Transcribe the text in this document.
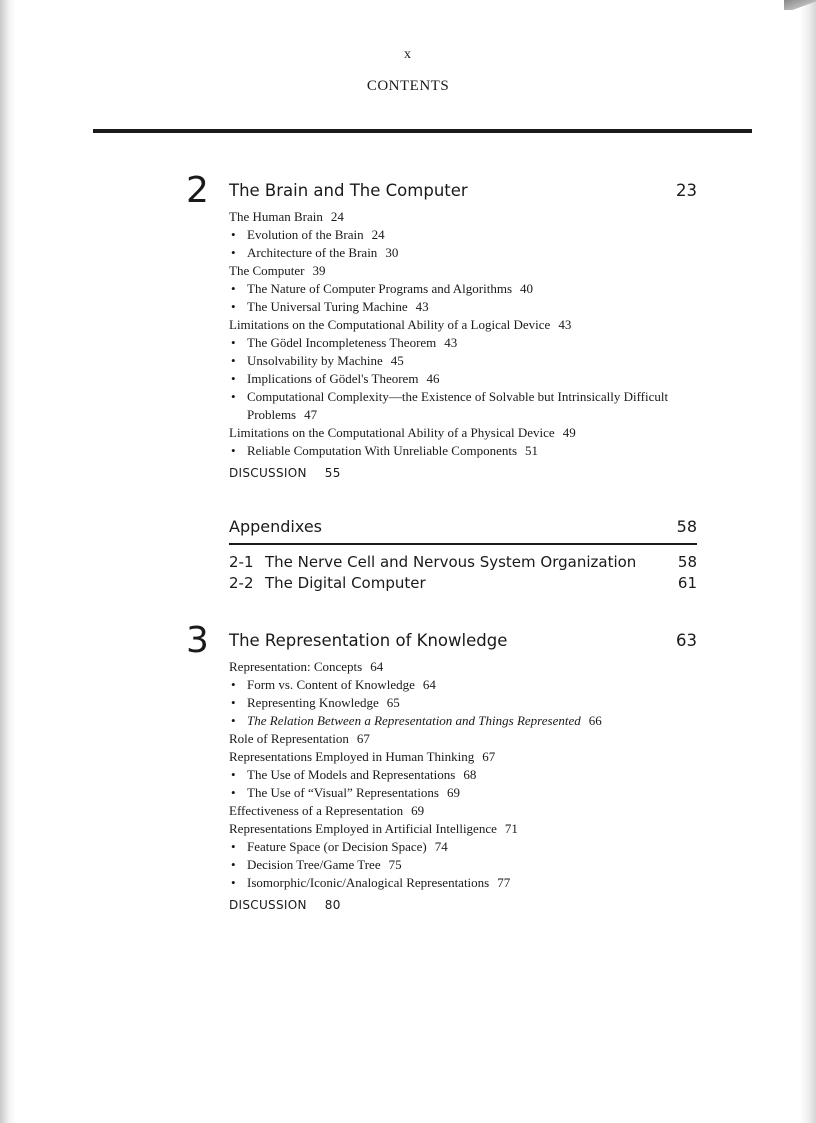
x
CONTENTS
2	The Brain and The Computer	23
The Human Brain 24
• Evolution of the Brain 24
• Architecture of the Brain 30
The Computer 39
• The Nature of Computer Programs and Algorithms 40
• The Universal Turing Machine 43
Limitations on the Computational Ability of a Logical Device 43
• The Gödel Incompleteness Theorem 43
• Unsolvability by Machine 45
• Implications of Gödel's Theorem 46
• Computational Complexity—the Existence of Solvable but Intrinsically Difficult Problems 47
Limitations on the Computational Ability of a Physical Device 49
• Reliable Computation With Unreliable Components 51
DISCUSSION 55
Appendixes	58
2-1 The Nerve Cell and Nervous System Organization	58
2-2 The Digital Computer	61
3	The Representation of Knowledge	63
Representation: Concepts 64
• Form vs. Content of Knowledge 64
• Representing Knowledge 65
• The Relation Between a Representation and Things Represented 66
Role of Representation 67
Representations Employed in Human Thinking 67
• The Use of Models and Representations 68
• The Use of “Visual” Representations 69
Effectiveness of a Representation 69
Representations Employed in Artificial Intelligence 71
• Feature Space (or Decision Space) 74
• Decision Tree/Game Tree 75
• Isomorphic/Iconic/Analogical Representations 77
DISCUSSION 80
